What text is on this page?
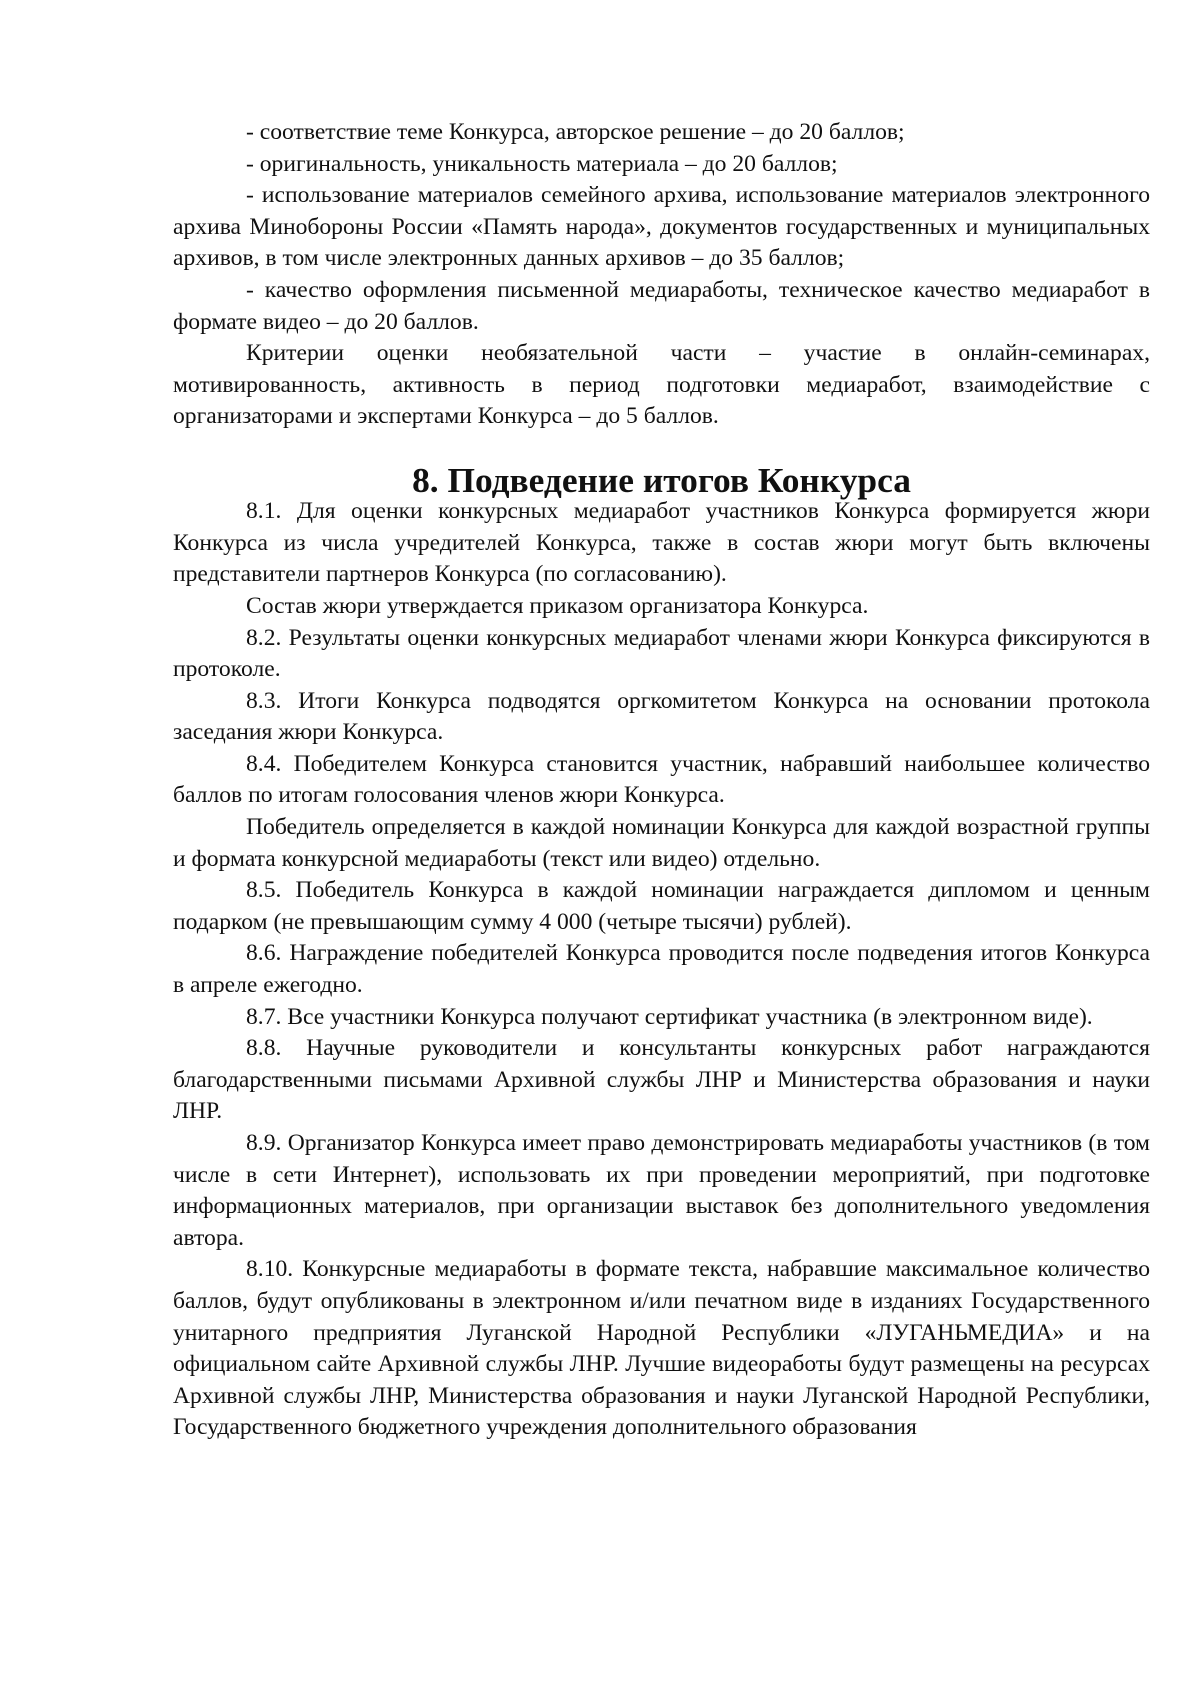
- соответствие теме Конкурса, авторское решение – до 20 баллов;

- оригинальность, уникальность материала – до 20 баллов;

- использование материалов семейного архива, использование материалов электронного архива Минобороны России «Память народа», документов государственных и муниципальных архивов, в том числе электронных данных архивов – до 35 баллов;

- качество оформления письменной медиаработы, техническое качество медиаработ в формате видео – до 20 баллов.

Критерии оценки необязательной части – участие в онлайн-семинарах, мотивированность, активность в период подготовки медиаработ, взаимодействие с организаторами и экспертами Конкурса – до 5 баллов.

8. Подведение итогов Конкурса

8.1. Для оценки конкурсных медиаработ участников Конкурса формируется жюри Конкурса из числа учредителей Конкурса, также в состав жюри могут быть включены представители партнеров Конкурса (по согласованию).

Состав жюри утверждается приказом организатора Конкурса.

8.2. Результаты оценки конкурсных медиаработ членами жюри Конкурса фиксируются в протоколе.

8.3. Итоги Конкурса подводятся оргкомитетом Конкурса на основании протокола заседания жюри Конкурса.

8.4. Победителем Конкурса становится участник, набравший наибольшее количество баллов по итогам голосования членов жюри Конкурса.

Победитель определяется в каждой номинации Конкурса для каждой возрастной группы и формата конкурсной медиаработы (текст или видео) отдельно.

8.5. Победитель Конкурса в каждой номинации награждается дипломом и ценным подарком (не превышающим сумму 4 000 (четыре тысячи) рублей).

8.6. Награждение победителей Конкурса проводится после подведения итогов Конкурса в апреле ежегодно.

8.7. Все участники Конкурса получают сертификат участника (в электронном виде).

8.8. Научные руководители и консультанты конкурсных работ награждаются благодарственными письмами Архивной службы ЛНР и Министерства образования и науки ЛНР.

8.9. Организатор Конкурса имеет право демонстрировать медиаработы участников (в том числе в сети Интернет), использовать их при проведении мероприятий, при подготовке информационных материалов, при организации выставок без дополнительного уведомления автора.

8.10. Конкурсные медиаработы в формате текста, набравшие максимальное количество баллов, будут опубликованы в электронном и/или печатном виде в изданиях Государственного унитарного предприятия Луганской Народной Республики «ЛУГАНЬМЕДИА» и на официальном сайте Архивной службы ЛНР. Лучшие видеоработы будут размещены на ресурсах Архивной службы ЛНР, Министерства образования и науки Луганской Народной Республики, Государственного бюджетного учреждения дополнительного образования
